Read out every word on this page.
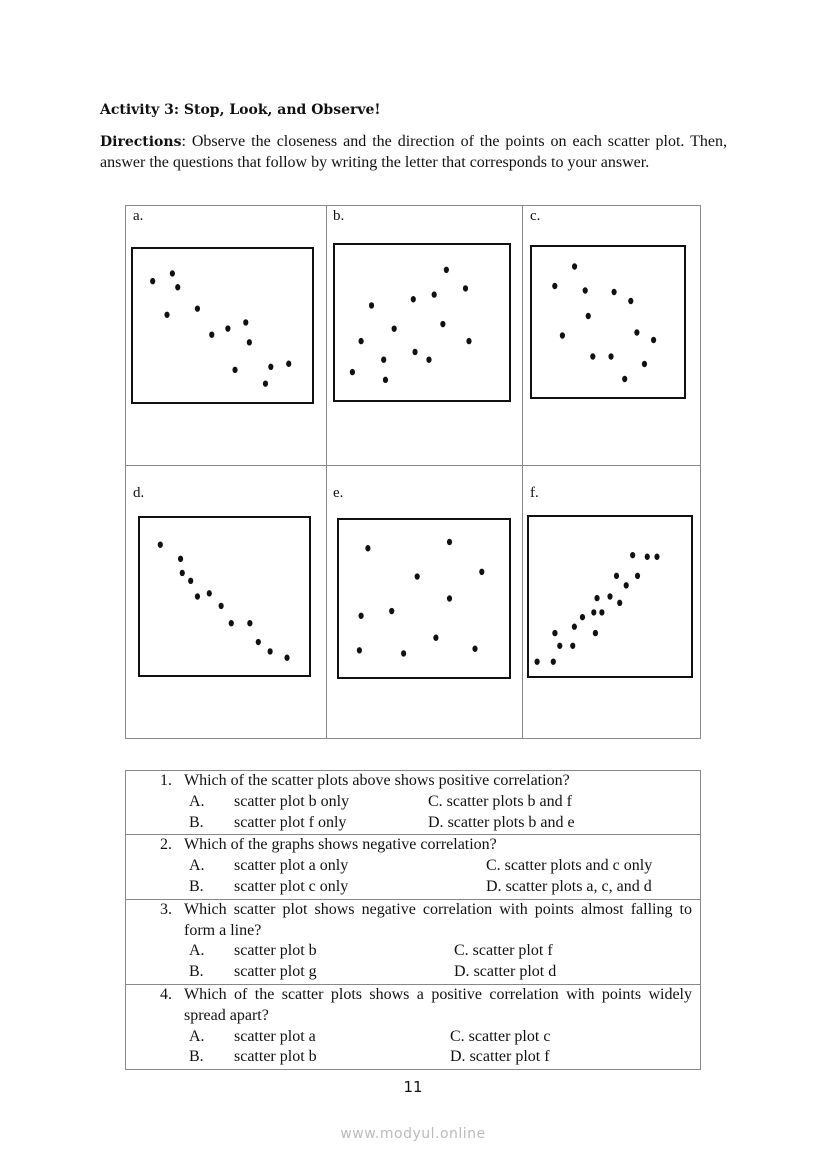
Activity 3: Stop, Look, and Observe!
Directions: Observe the closeness and the direction of the points on each scatter plot. Then, answer the questions that follow by writing the letter that corresponds to your answer.
a.	b.	c.
d.	e.	f.
1. Which of the scatter plots above shows positive correlation?
A. scatter plot b only	C. scatter plots b and f
B. scatter plot f only	D. scatter plots b and e
2. Which of the graphs shows negative correlation?
A. scatter plot a only	C. scatter plots and c only
B. scatter plot c only	D. scatter plots a, c, and d
3. Which scatter plot shows negative correlation with points almost falling to form a line?
A. scatter plot b	C. scatter plot f
B. scatter plot g	D. scatter plot d
4. Which of the scatter plots shows a positive correlation with points widely spread apart?
A. scatter plot a	C. scatter plot c
B. scatter plot b	D. scatter plot f
11
www.modyul.online
